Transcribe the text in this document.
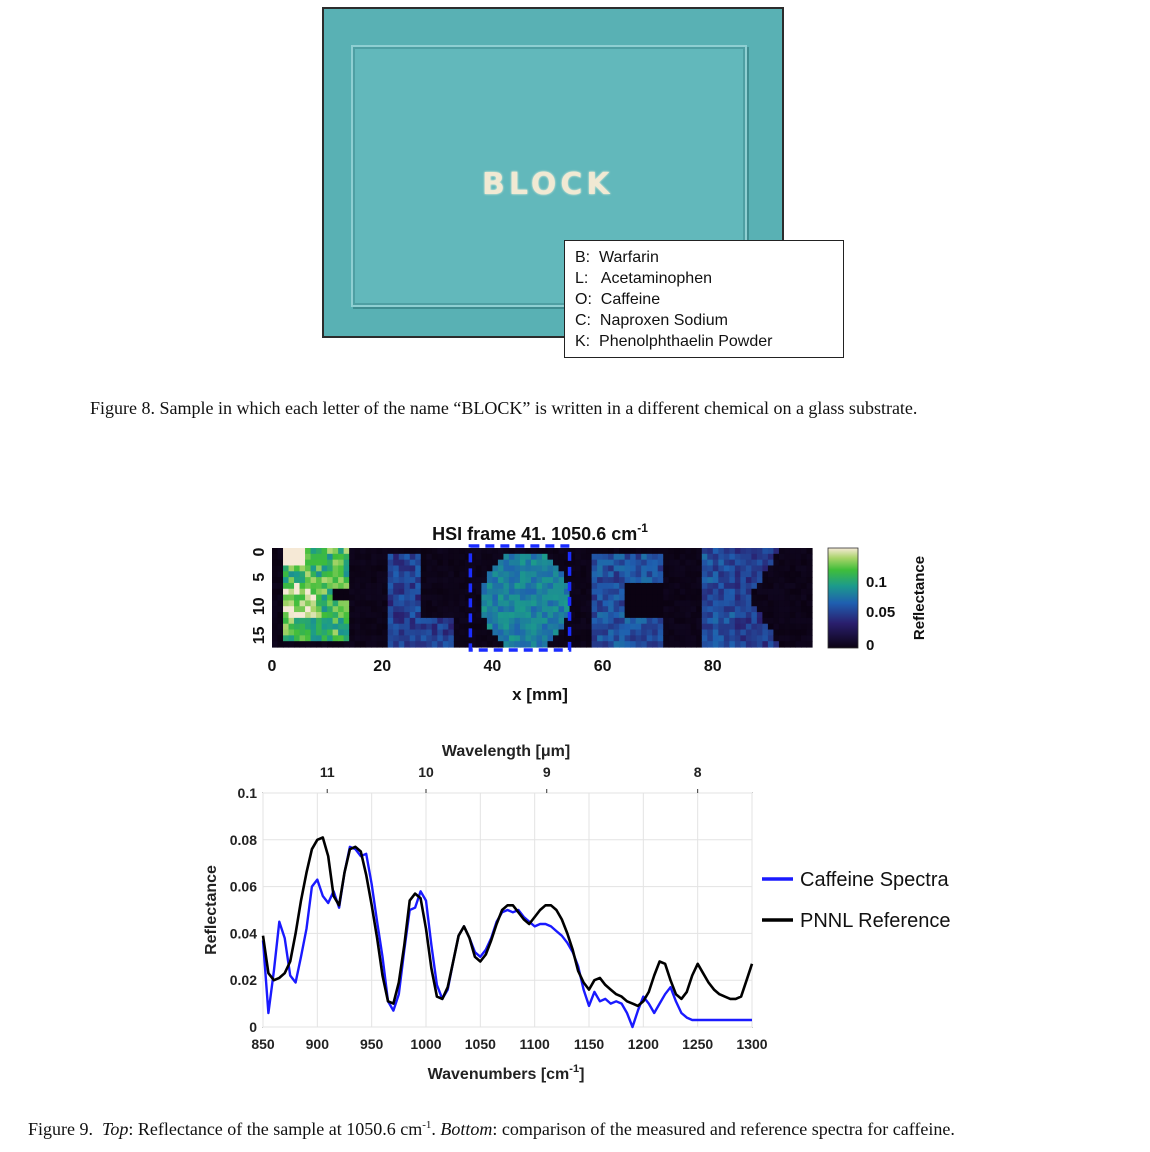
BLOCK
B: Warfarin
L: Acetaminophen
O: Caffeine
C: Naproxen Sodium
K: Phenolphthaelin Powder
Figure 8. Sample in which each letter of the name “BLOCK” is written in a different chemical on a glass substrate.
HSI frame 41. 1050.6 $cm^{-1}$
0	20	40	60	80
0
5
10
15
x [mm]
0.1
0.05
0
Reflectance
Wavelength [μm]
850 900 950 1000 1050 1100 1150 1200 1250 1300
0
0.02
0.04
0.06
0.08
0.1
11	10	9	8
Wavenumbers $[cm^{-1}]$
Reflectance	Caffeine Spectra
PNNL Reference
Figure 9. Top: Reflectance of the sample at 1050.6 $cm^{-1}$. Bottom: comparison of the measured and reference spectra for caffeine.
